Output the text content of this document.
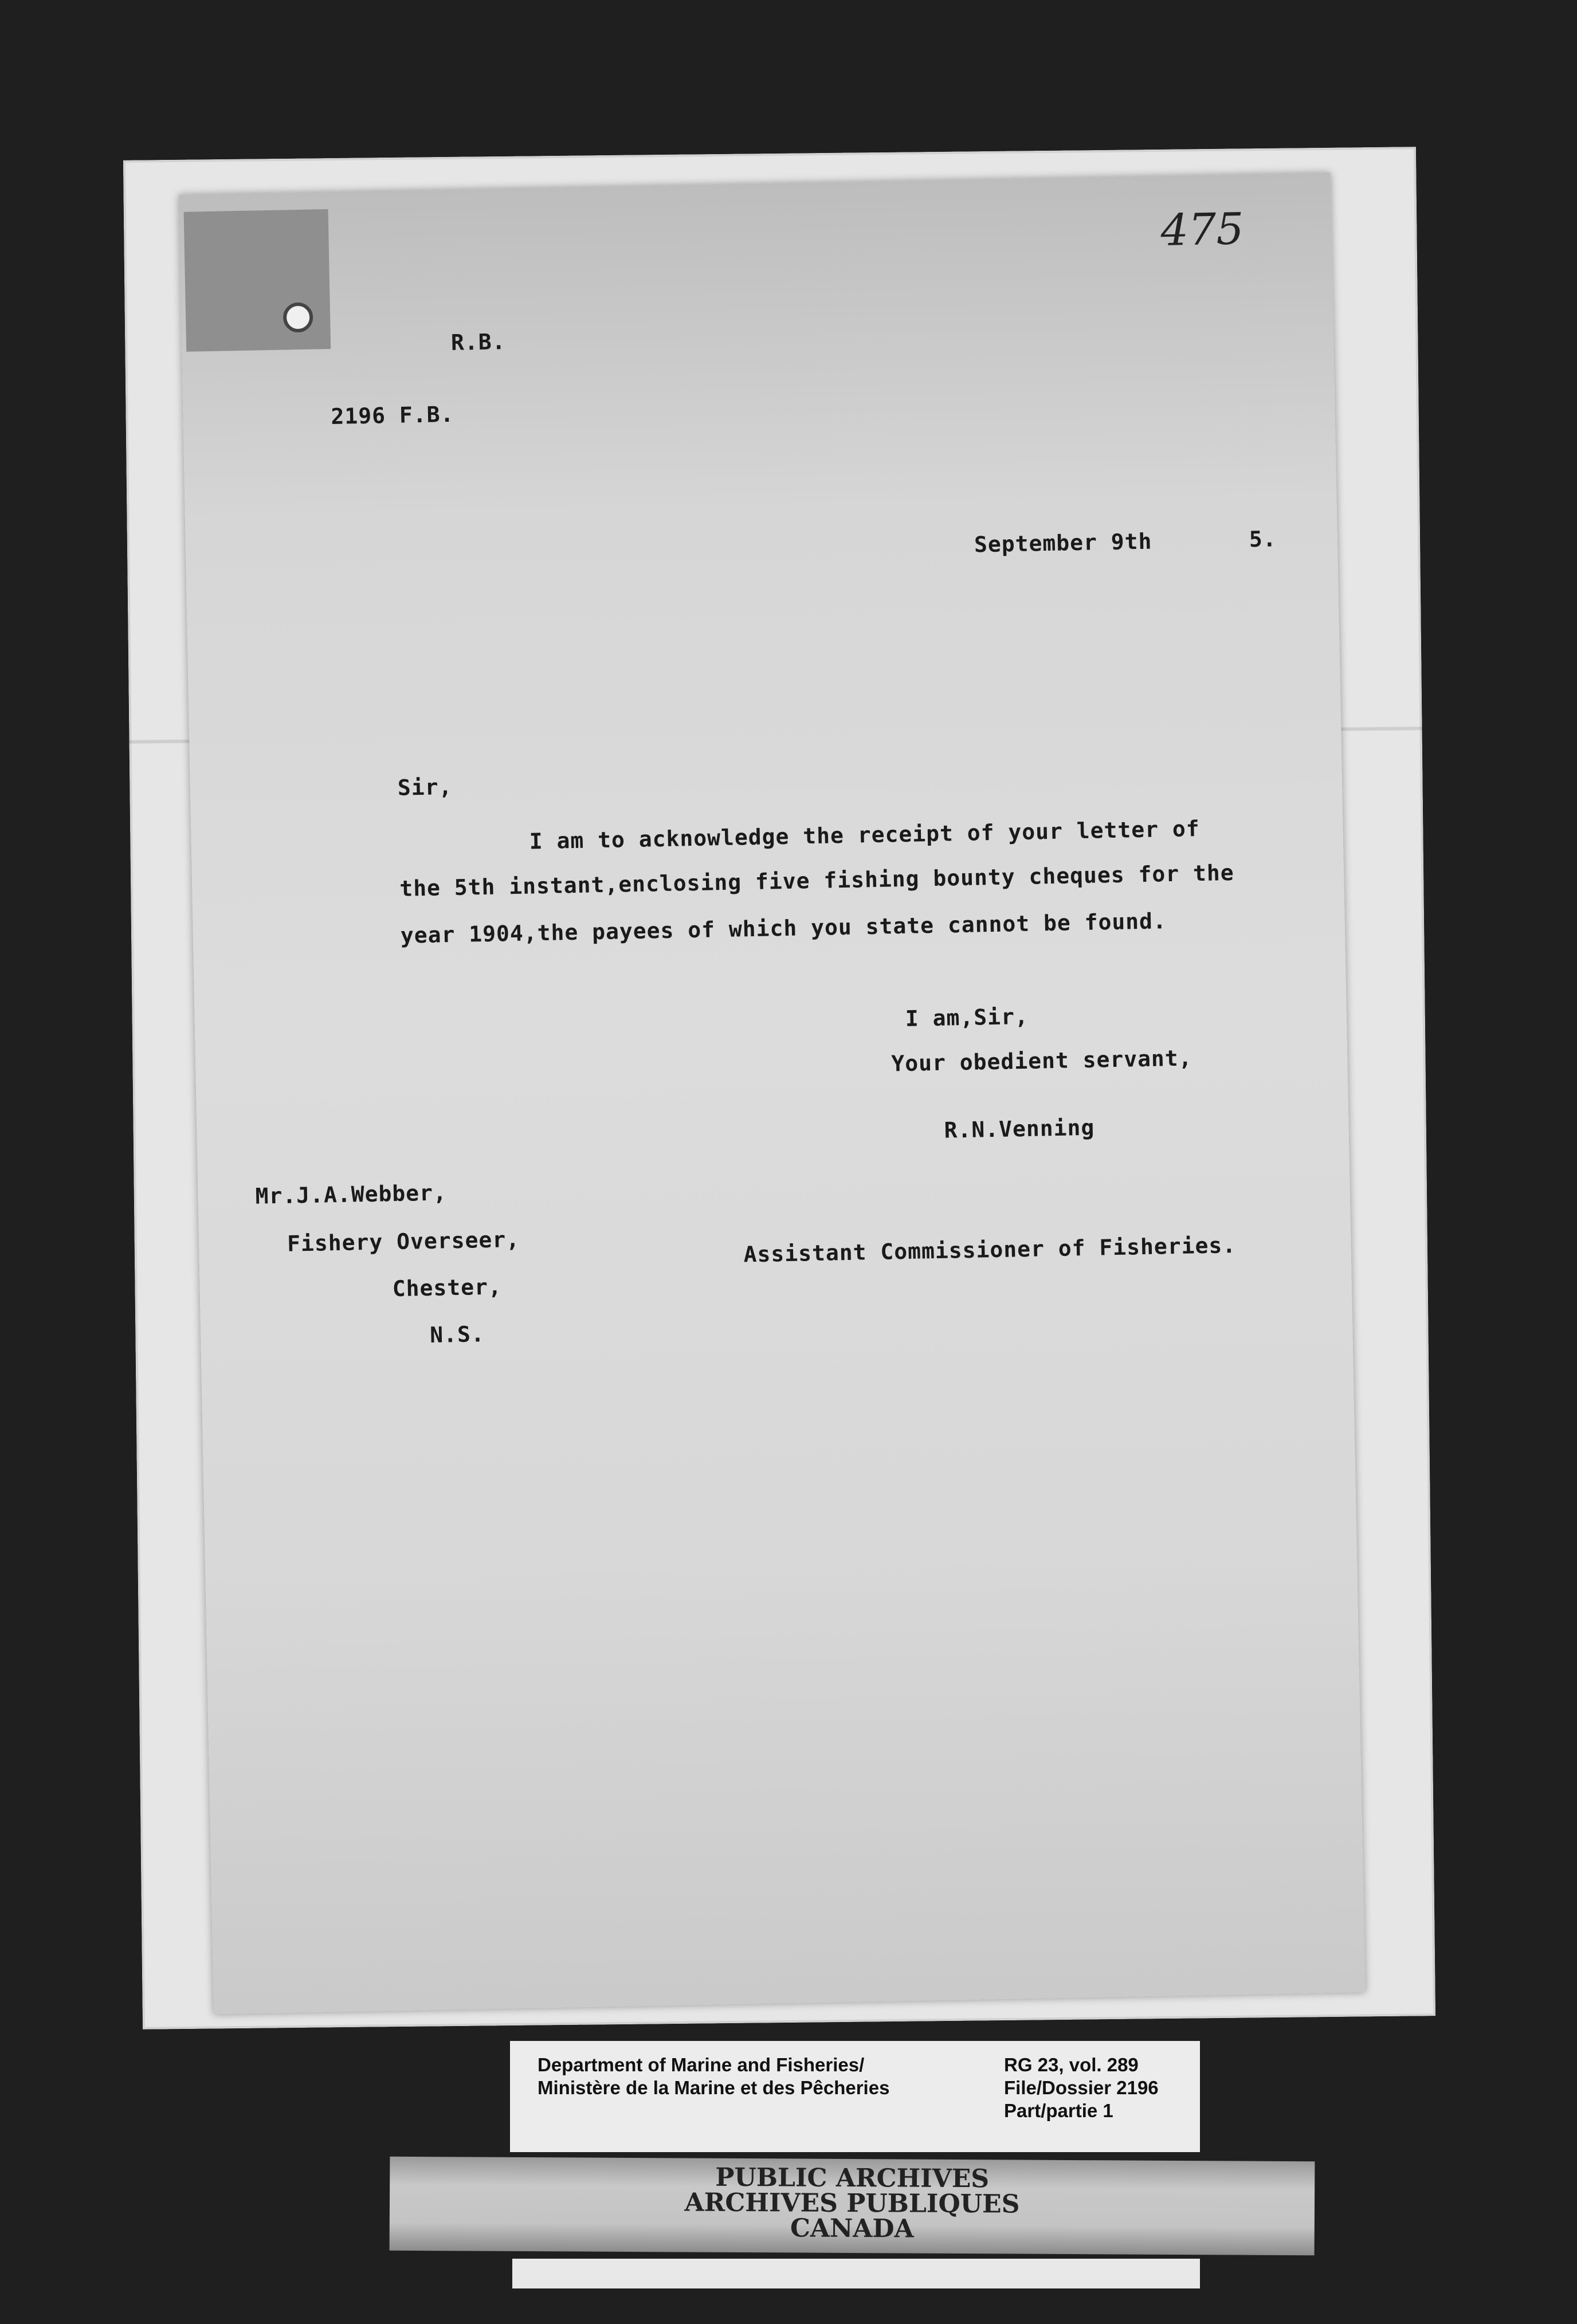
475
R.B.
2196 F.B.
September 9th	5.
Sir,
I am to acknowledge the receipt of your letter of
the 5th instant,enclosing five fishing bounty cheques for the
year 1904,the payees of which you state cannot be found.
I am,Sir,
Your obedient servant,
R.N.Venning
Mr.J.A.Webber,
Fishery Overseer,	Assistant Commissioner of Fisheries.
Chester,
N.S.
Department of Marine and Fisheries/
Ministère de la Marine et des Pêcheries
RG 23, vol. 289
File/Dossier 2196
Part/partie 1
PUBLIC ARCHIVES
ARCHIVES PUBLIQUES
CANADA
